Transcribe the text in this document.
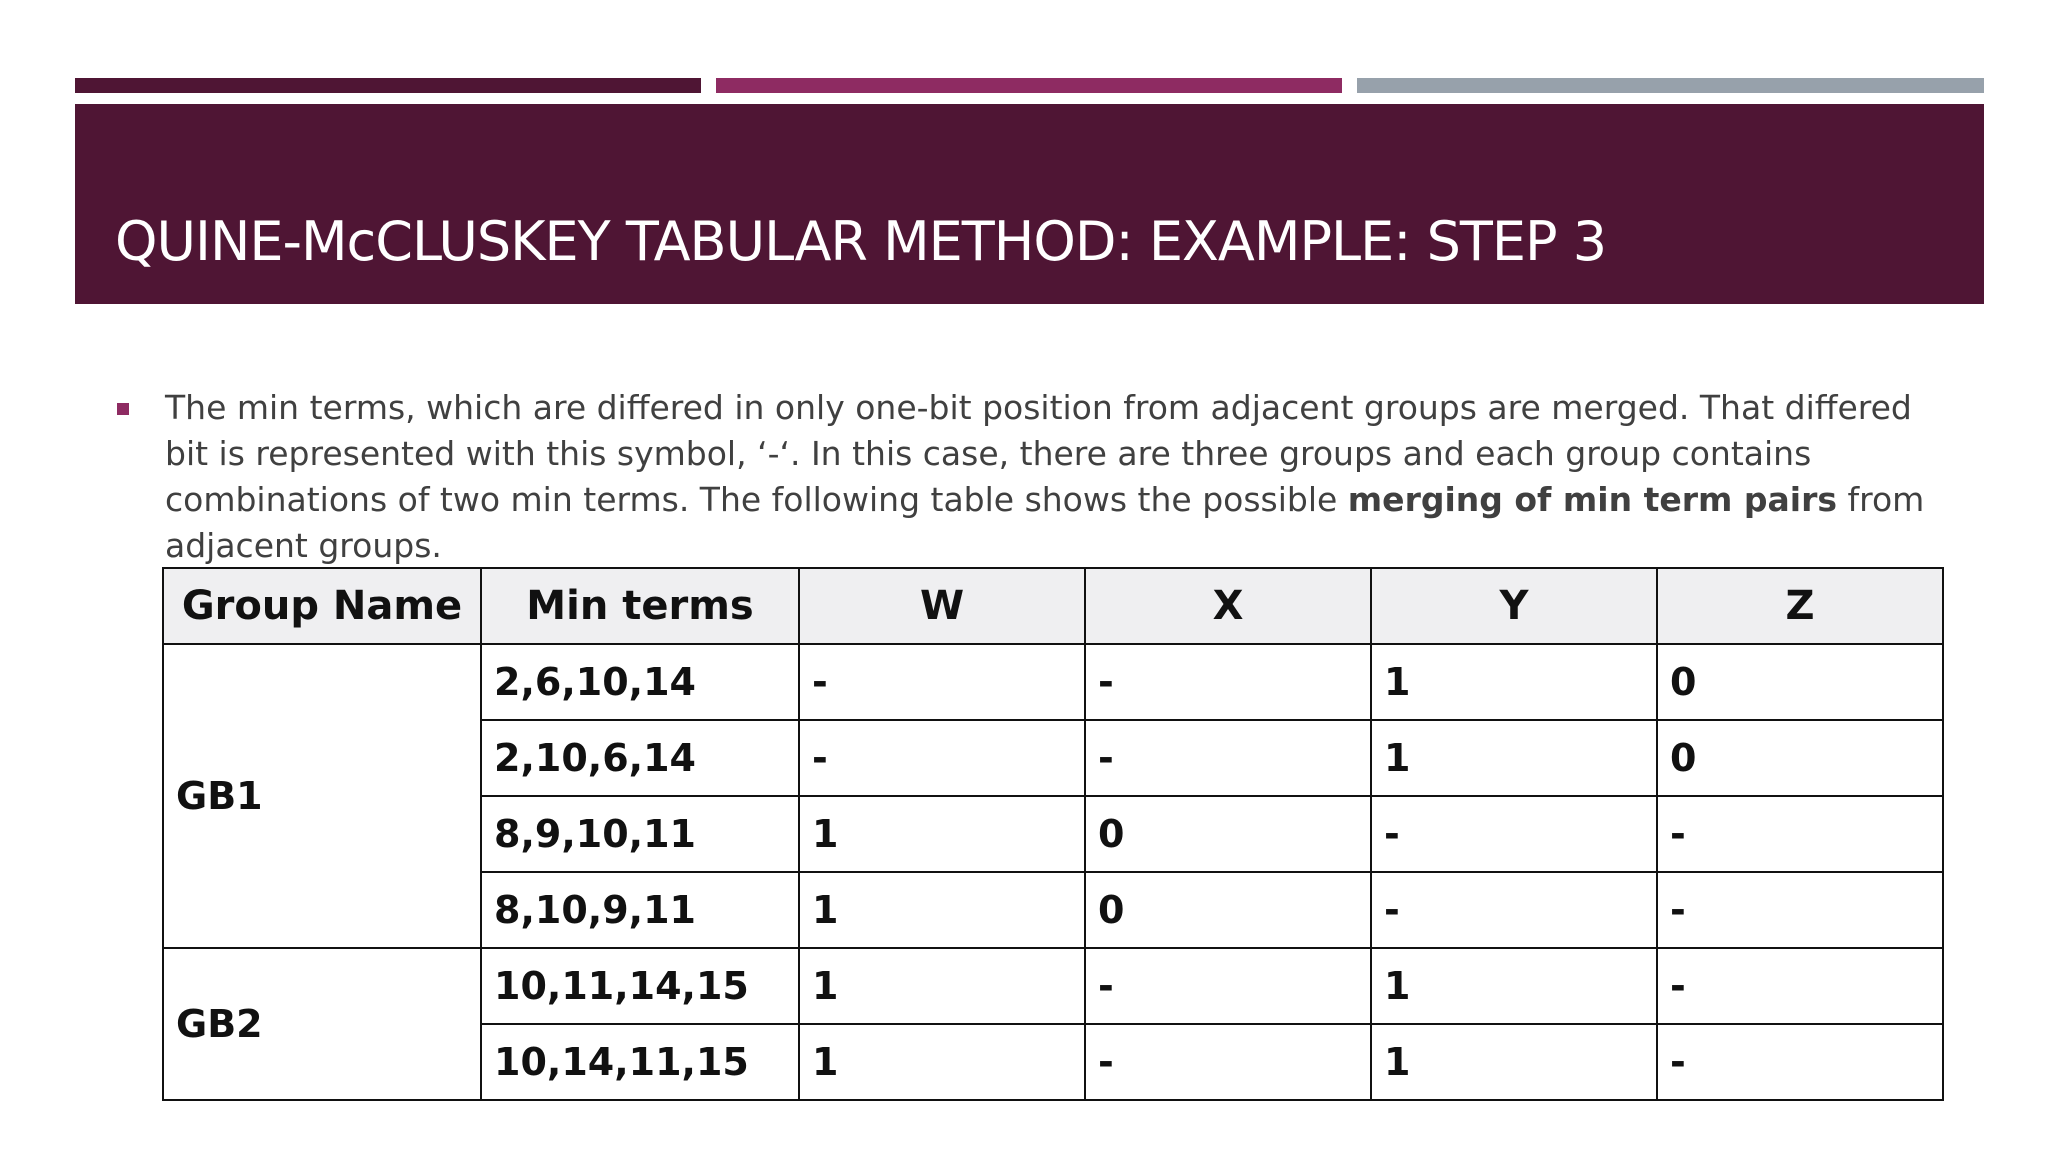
QUINE-McCLUSKEY TABULAR METHOD: EXAMPLE: STEP 3

The min terms, which are differed in only one-bit position from adjacent groups are merged. That differed bit is represented with this symbol, ‘-‘. In this case, there are three groups and each group contains combinations of two min terms. The following table shows the possible merging of min term pairs from adjacent groups.

Group Name	Min terms	W	X	Y	Z
GB1	2,6,10,14	-	-	1	0
	2,10,6,14	-	-	1	0
	8,9,10,11	1	0	-	-
	8,10,9,11	1	0	-	-
GB2	10,11,14,15	1	-	1	-
	10,14,11,15	1	-	1	-
